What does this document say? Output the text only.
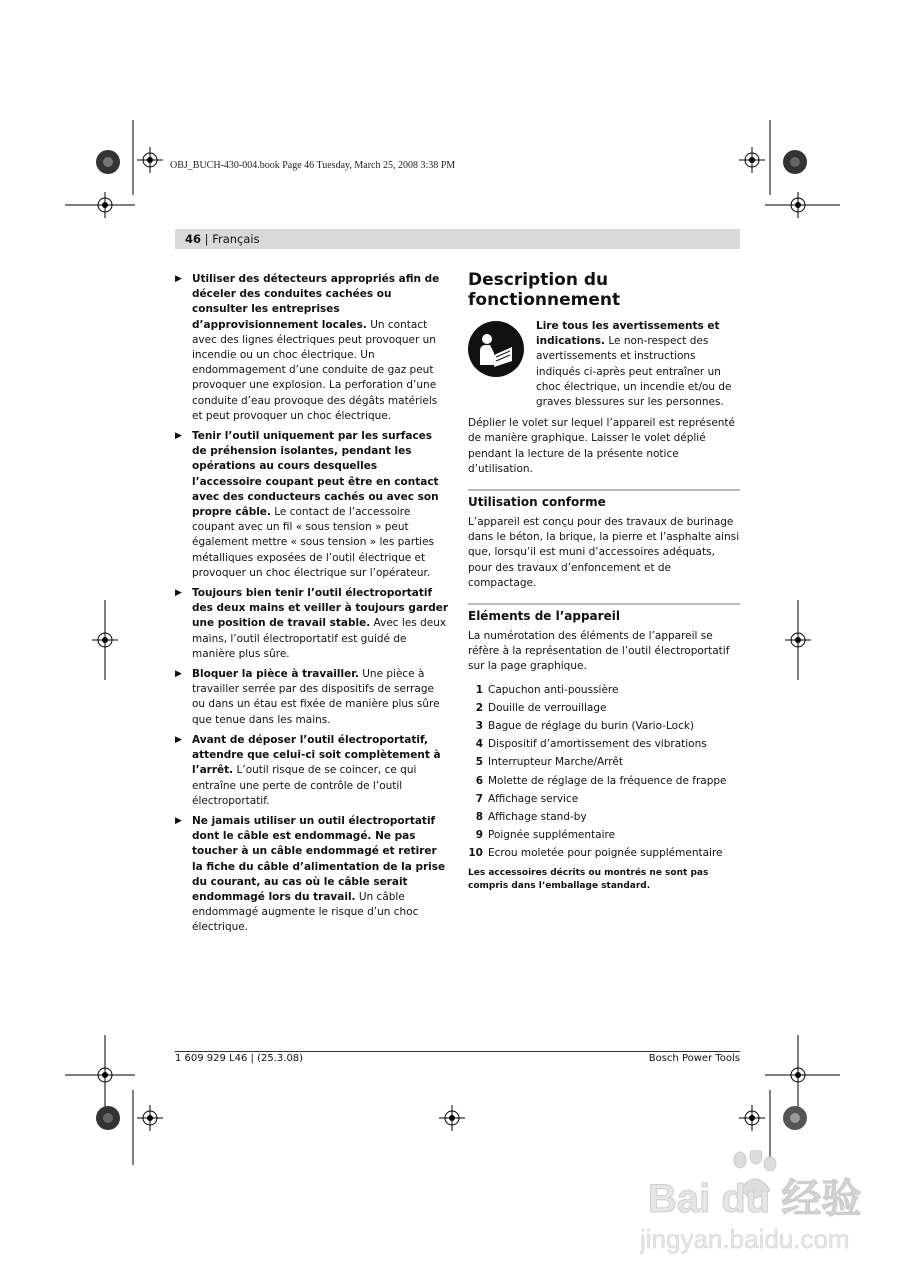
OBJ_BUCH-430-004.book Page 46 Tuesday, March 25, 2008 3:38 PM
46 | Français
▶ Utiliser des détecteurs appropriés afin de déceler des conduites cachées ou consulter les entreprises d’approvisionnement locales. Un contact avec des lignes électriques peut provoquer un incendie ou un choc électrique. Un endommagement d’une conduite de gaz peut provoquer une explosion. La perforation d’une conduite d’eau provoque des dégâts matériels et peut provoquer un choc électrique.
▶ Tenir l’outil uniquement par les surfaces de préhension isolantes, pendant les opérations au cours desquelles l’accessoire coupant peut être en contact avec des conducteurs cachés ou avec son propre câble. Le contact de l’accessoire coupant avec un fil « sous tension » peut également mettre « sous tension » les parties métalliques exposées de l’outil électrique et provoquer un choc électrique sur l’opérateur.
▶ Toujours bien tenir l’outil électroportatif des deux mains et veiller à toujours garder une position de travail stable. Avec les deux mains, l’outil électroportatif est guidé de manière plus sûre.
▶ Bloquer la pièce à travailler. Une pièce à travailler serrée par des dispositifs de serrage ou dans un étau est fixée de manière plus sûre que tenue dans les mains.
▶ Avant de déposer l’outil électroportatif, attendre que celui-ci soit complètement à l’arrêt. L’outil risque de se coincer, ce qui entraîne une perte de contrôle de l’outil électroportatif.
▶ Ne jamais utiliser un outil électroportatif dont le câble est endommagé. Ne pas toucher à un câble endommagé et retirer la fiche du câble d’alimentation de la prise du courant, au cas où le câble serait endommagé lors du travail. Un câble endommagé augmente le risque d’un choc électrique.
Description du fonctionnement

Lire tous les avertissements et indications. Le non-respect des avertissements et instructions indiqués ci-après peut entraîner un choc électrique, un incendie et/ou de graves blessures sur les personnes.

Déplier le volet sur lequel l’appareil est représenté de manière graphique. Laisser le volet déplié pendant la lecture de la présente notice d’utilisation.

Utilisation conforme

L’appareil est conçu pour des travaux de burinage dans le béton, la brique, la pierre et l’asphalte ainsi que, lorsqu’il est muni d’accessoires adéquats, pour des travaux d’enfoncement et de compactage.

Eléments de l’appareil

La numérotation des éléments de l’appareil se réfère à la représentation de l’outil électroportatif sur la page graphique.

1 Capuchon anti-poussière
2 Douille de verrouillage
3 Bague de réglage du burin (Vario-Lock)
4 Dispositif d’amortissement des vibrations
5 Interrupteur Marche/Arrêt
6 Molette de réglage de la fréquence de frappe
7 Affichage service
8 Affichage stand-by
9 Poignée supplémentaire
10 Ecrou moletée pour poignée supplémentaire

Les accessoires décrits ou montrés ne sont pas compris dans l’emballage standard.

1 609 929 L46 | (25.3.08)	Bosch Power Tools
Bai du 经验
jingyan.baidu.com
